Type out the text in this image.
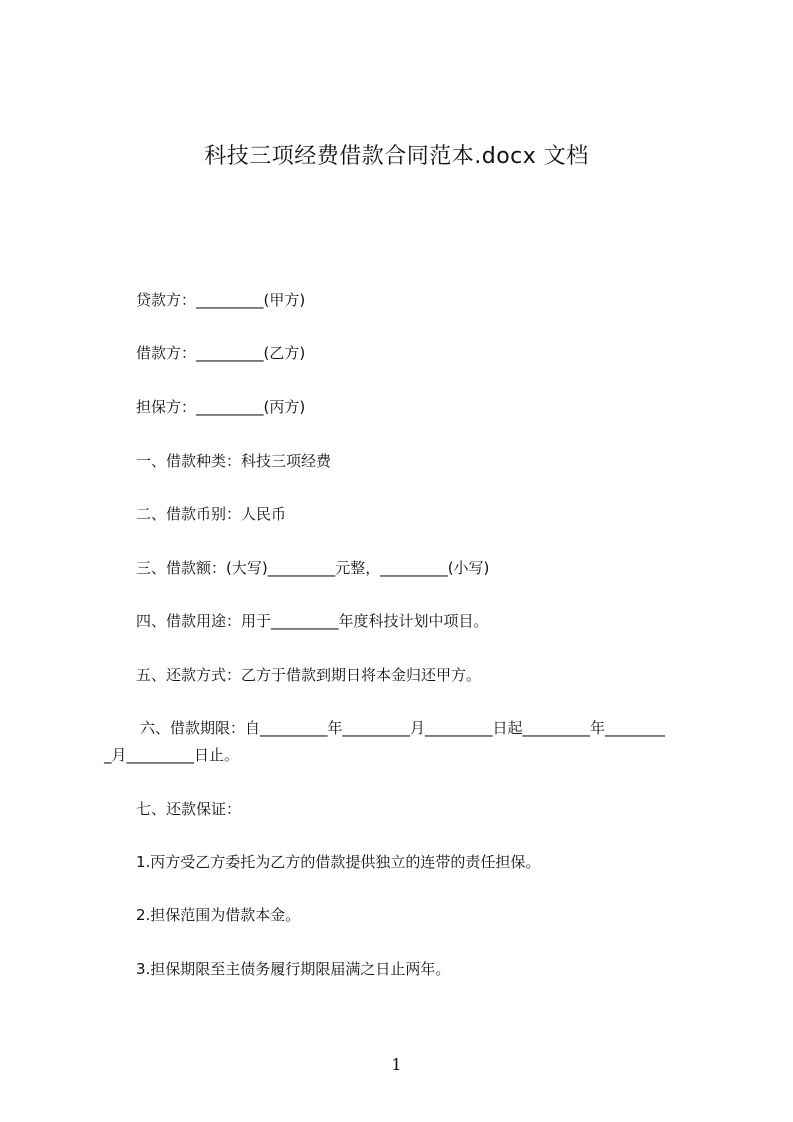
科技三项经费借款合同范本.docx 文档
贷款方：_________(甲方)
借款方：_________(乙方)
担保方：_________(丙方)
一、借款种类：科技三项经费
二、借款币别：人民币
三、借款额：(大写)_________元整，_________(小写)
四、借款用途：用于_________年度科技计划中项目。
五、还款方式：乙方于借款到期日将本金归还甲方。
六、借款期限：自_________年_________月_________日起_________年________
_月_________日止。
七、还款保证：
1.丙方受乙方委托为乙方的借款提供独立的连带的责任担保。
2.担保范围为借款本金。
3.担保期限至主债务履行期限届满之日止两年。
1
